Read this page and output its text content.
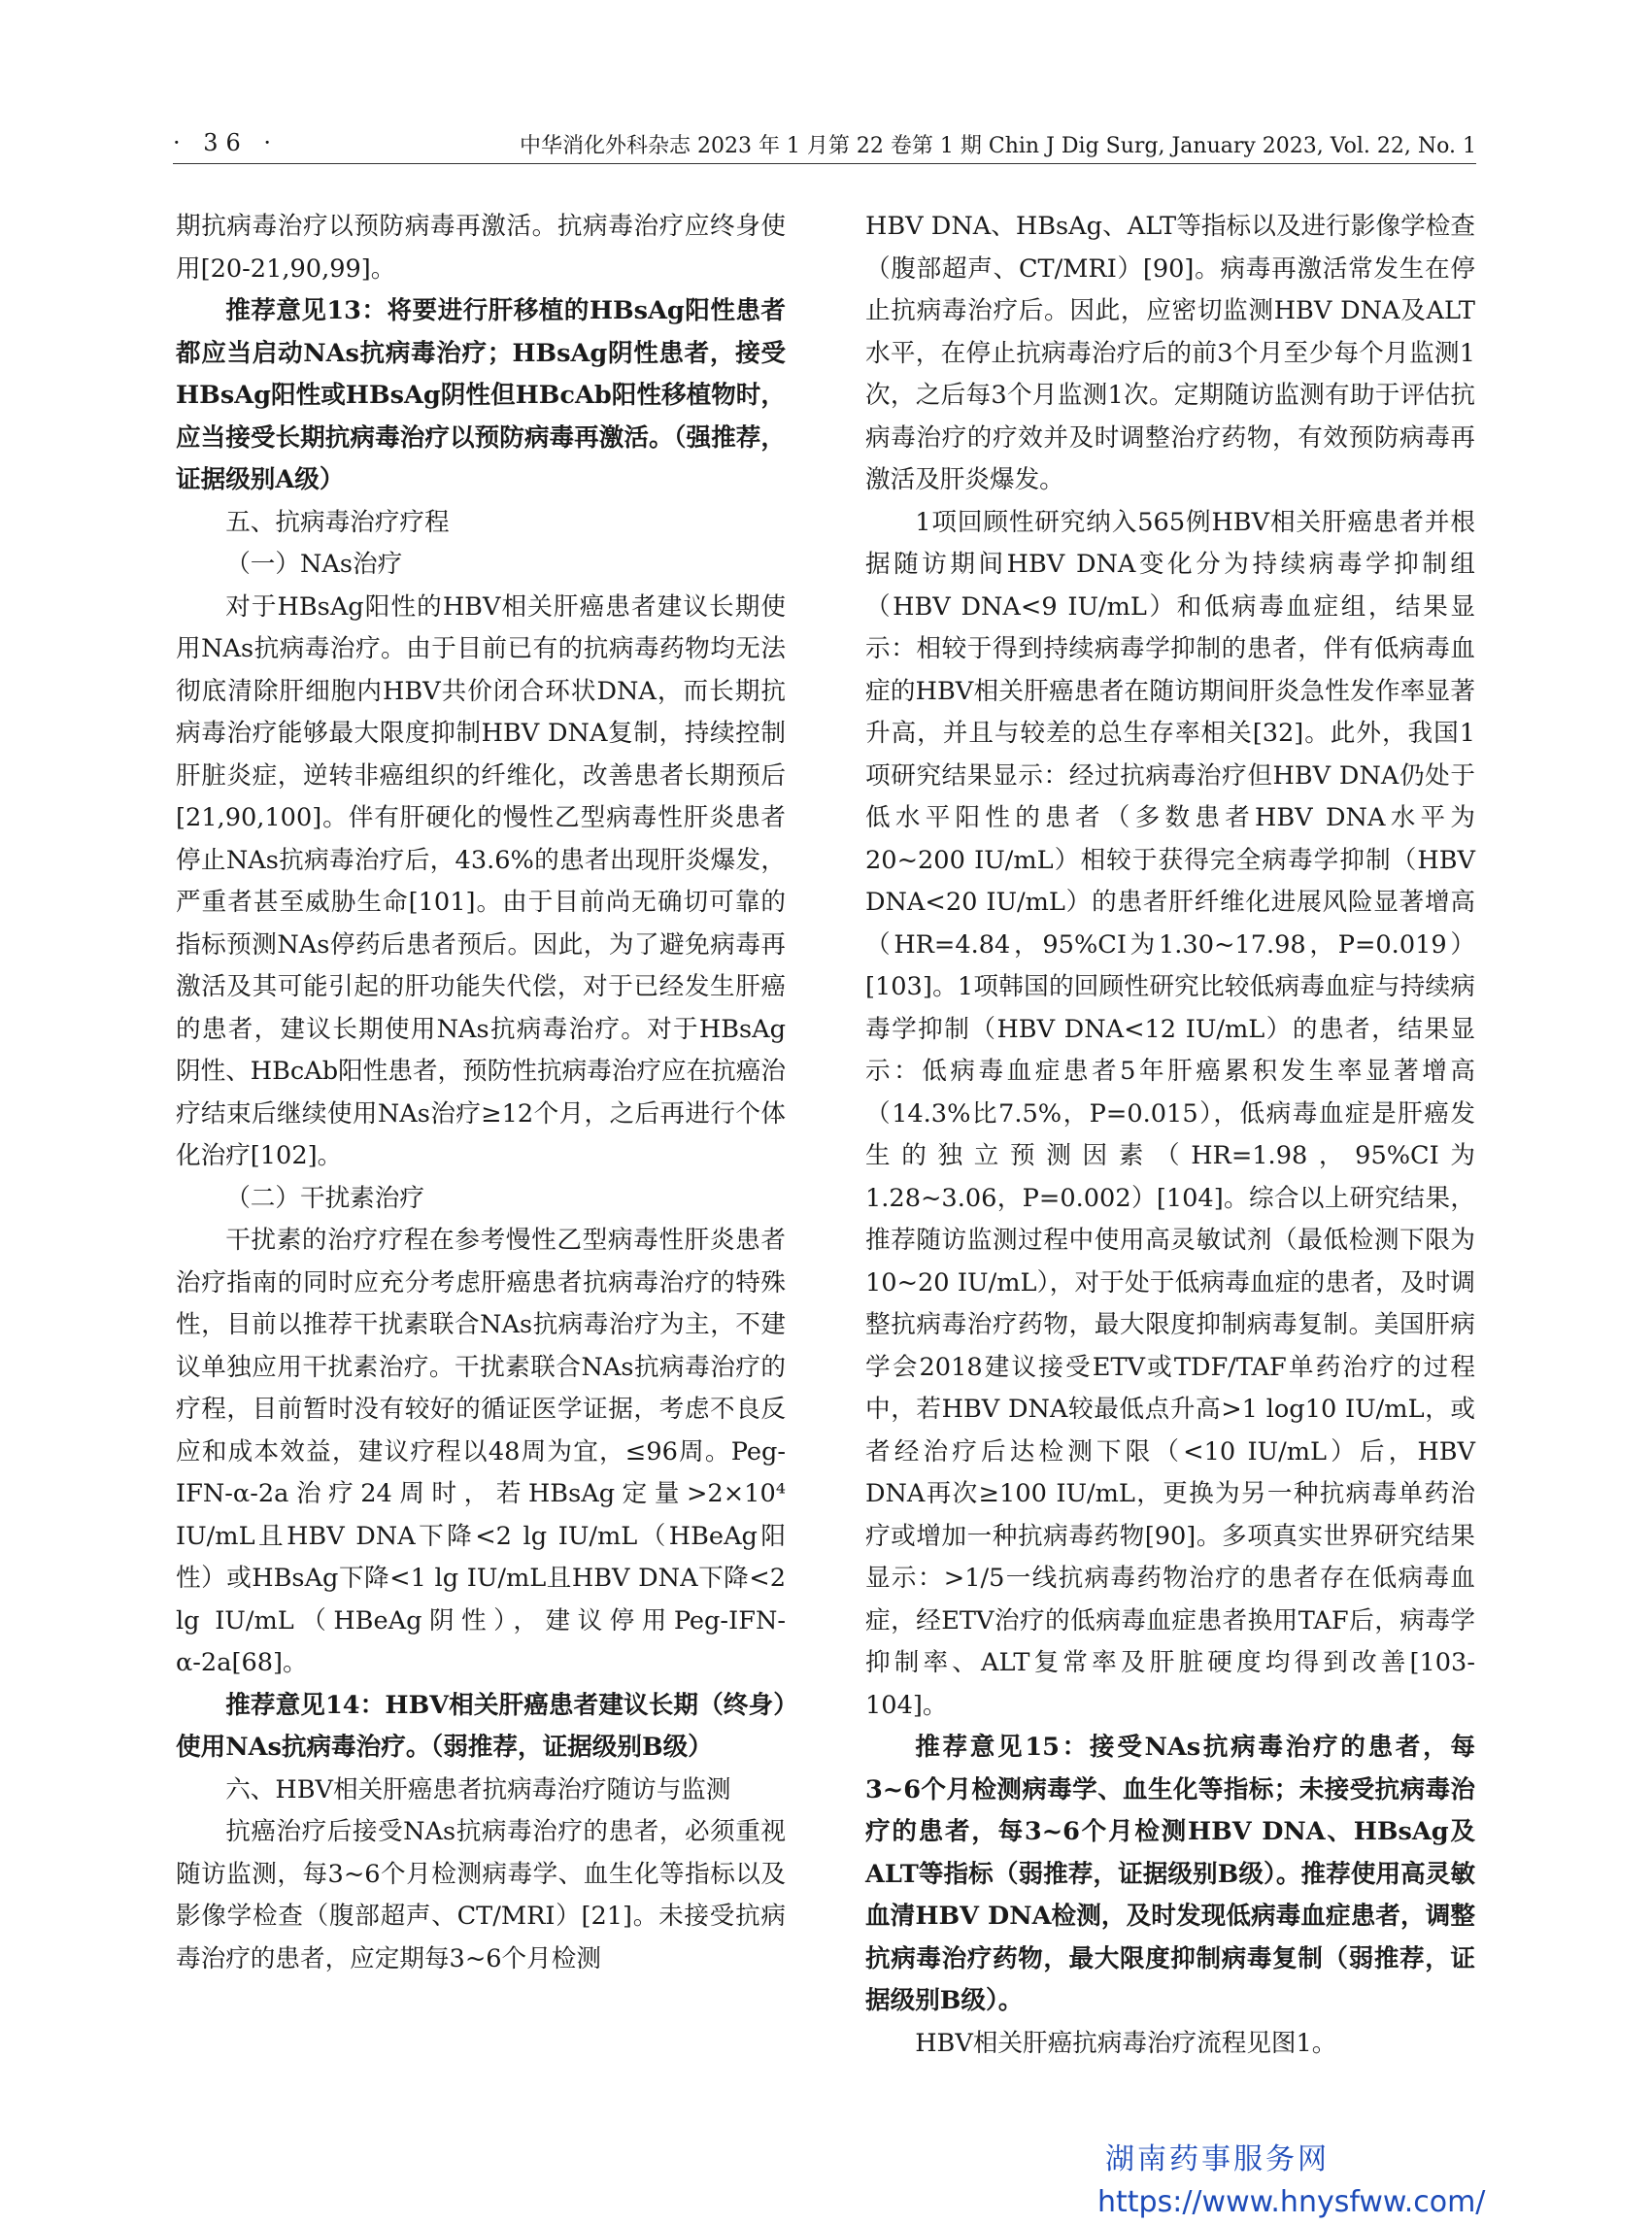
· 36 ·	中华消化外科杂志 2023 年 1 月第 22 卷第 1 期 Chin J Dig Surg, January 2023, Vol. 22, No. 1

期抗病毒治疗以预防病毒再激活。抗病毒治疗应终身使用[20-21,90,99]。

推荐意见13：将要进行肝移植的HBsAg阳性患者都应当启动NAs抗病毒治疗；HBsAg阴性患者，接受HBsAg阳性或HBsAg阴性但HBcAb阳性移植物时，应当接受长期抗病毒治疗以预防病毒再激活。（强推荐，证据级别A级）

五、抗病毒治疗疗程

（一）NAs治疗

对于HBsAg阳性的HBV相关肝癌患者建议长期使用NAs抗病毒治疗。由于目前已有的抗病毒药物均无法彻底清除肝细胞内HBV共价闭合环状DNA，而长期抗病毒治疗能够最大限度抑制HBV DNA复制，持续控制肝脏炎症，逆转非癌组织的纤维化，改善患者长期预后[21,90,100]。伴有肝硬化的慢性乙型病毒性肝炎患者停止NAs抗病毒治疗后，43.6%的患者出现肝炎爆发，严重者甚至威胁生命[101]。由于目前尚无确切可靠的指标预测NAs停药后患者预后。因此，为了避免病毒再激活及其可能引起的肝功能失代偿，对于已经发生肝癌的患者，建议长期使用NAs抗病毒治疗。对于HBsAg阴性、HBcAb阳性患者，预防性抗病毒治疗应在抗癌治疗结束后继续使用NAs治疗≥12个月，之后再进行个体化治疗[102]。

（二）干扰素治疗

干扰素的治疗疗程在参考慢性乙型病毒性肝炎患者治疗指南的同时应充分考虑肝癌患者抗病毒治疗的特殊性，目前以推荐干扰素联合NAs抗病毒治疗为主，不建议单独应用干扰素治疗。干扰素联合NAs抗病毒治疗的疗程，目前暂时没有较好的循证医学证据，考虑不良反应和成本效益，建议疗程以48周为宜，≤96周。Peg-IFN-α-2a治疗24周时，若HBsAg定量>2×10⁴ IU/mL且HBV DNA下降<2 lg IU/mL（HBeAg阳性）或HBsAg下降<1 lg IU/mL且HBV DNA下降<2 lg IU/mL（HBeAg阴性），建议停用Peg-IFN-α-2a[68]。

推荐意见14：HBV相关肝癌患者建议长期（终身）使用NAs抗病毒治疗。（弱推荐，证据级别B级）

六、HBV相关肝癌患者抗病毒治疗随访与监测

抗癌治疗后接受NAs抗病毒治疗的患者，必须重视随访监测，每3~6个月检测病毒学、血生化等指标以及影像学检查（腹部超声、CT/MRI）[21]。未接受抗病毒治疗的患者，应定期每3~6个月检测

HBV DNA、HBsAg、ALT等指标以及进行影像学检查（腹部超声、CT/MRI）[90]。病毒再激活常发生在停止抗病毒治疗后。因此，应密切监测HBV DNA及ALT水平，在停止抗病毒治疗后的前3个月至少每个月监测1次，之后每3个月监测1次。定期随访监测有助于评估抗病毒治疗的疗效并及时调整治疗药物，有效预防病毒再激活及肝炎爆发。

1项回顾性研究纳入565例HBV相关肝癌患者并根据随访期间HBV DNA变化分为持续病毒学抑制组（HBV DNA<9 IU/mL）和低病毒血症组，结果显示：相较于得到持续病毒学抑制的患者，伴有低病毒血症的HBV相关肝癌患者在随访期间肝炎急性发作率显著升高，并且与较差的总生存率相关[32]。此外，我国1项研究结果显示：经过抗病毒治疗但HBV DNA仍处于低水平阳性的患者（多数患者HBV DNA水平为20~200 IU/mL）相较于获得完全病毒学抑制（HBV DNA<20 IU/mL）的患者肝纤维化进展风险显著增高（HR=4.84，95%CI为1.30~17.98，P=0.019）[103]。1项韩国的回顾性研究比较低病毒血症与持续病毒学抑制（HBV DNA<12 IU/mL）的患者，结果显示：低病毒血症患者5年肝癌累积发生率显著增高（14.3%比7.5%，P=0.015），低病毒血症是肝癌发生的独立预测因素（HR=1.98，95%CI为1.28~3.06，P=0.002）[104]。综合以上研究结果，推荐随访监测过程中使用高灵敏试剂（最低检测下限为10~20 IU/mL），对于处于低病毒血症的患者，及时调整抗病毒治疗药物，最大限度抑制病毒复制。美国肝病学会2018建议接受ETV或TDF/TAF单药治疗的过程中，若HBV DNA较最低点升高>1 log10 IU/mL，或者经治疗后达检测下限（<10 IU/mL）后，HBV DNA再次≥100 IU/mL，更换为另一种抗病毒单药治疗或增加一种抗病毒药物[90]。多项真实世界研究结果显示：>1/5一线抗病毒药物治疗的患者存在低病毒血症，经ETV治疗的低病毒血症患者换用TAF后，病毒学抑制率、ALT复常率及肝脏硬度均得到改善[103-104]。

推荐意见15：接受NAs抗病毒治疗的患者，每3~6个月检测病毒学、血生化等指标；未接受抗病毒治疗的患者，每3~6个月检测HBV DNA、HBsAg及ALT等指标（弱推荐，证据级别B级）。推荐使用高灵敏血清HBV DNA检测，及时发现低病毒血症患者，调整抗病毒治疗药物，最大限度抑制病毒复制（弱推荐，证据级别B级）。

HBV相关肝癌抗病毒治疗流程见图1。

湖南药事服务网
https://www.hnysfww.com/
